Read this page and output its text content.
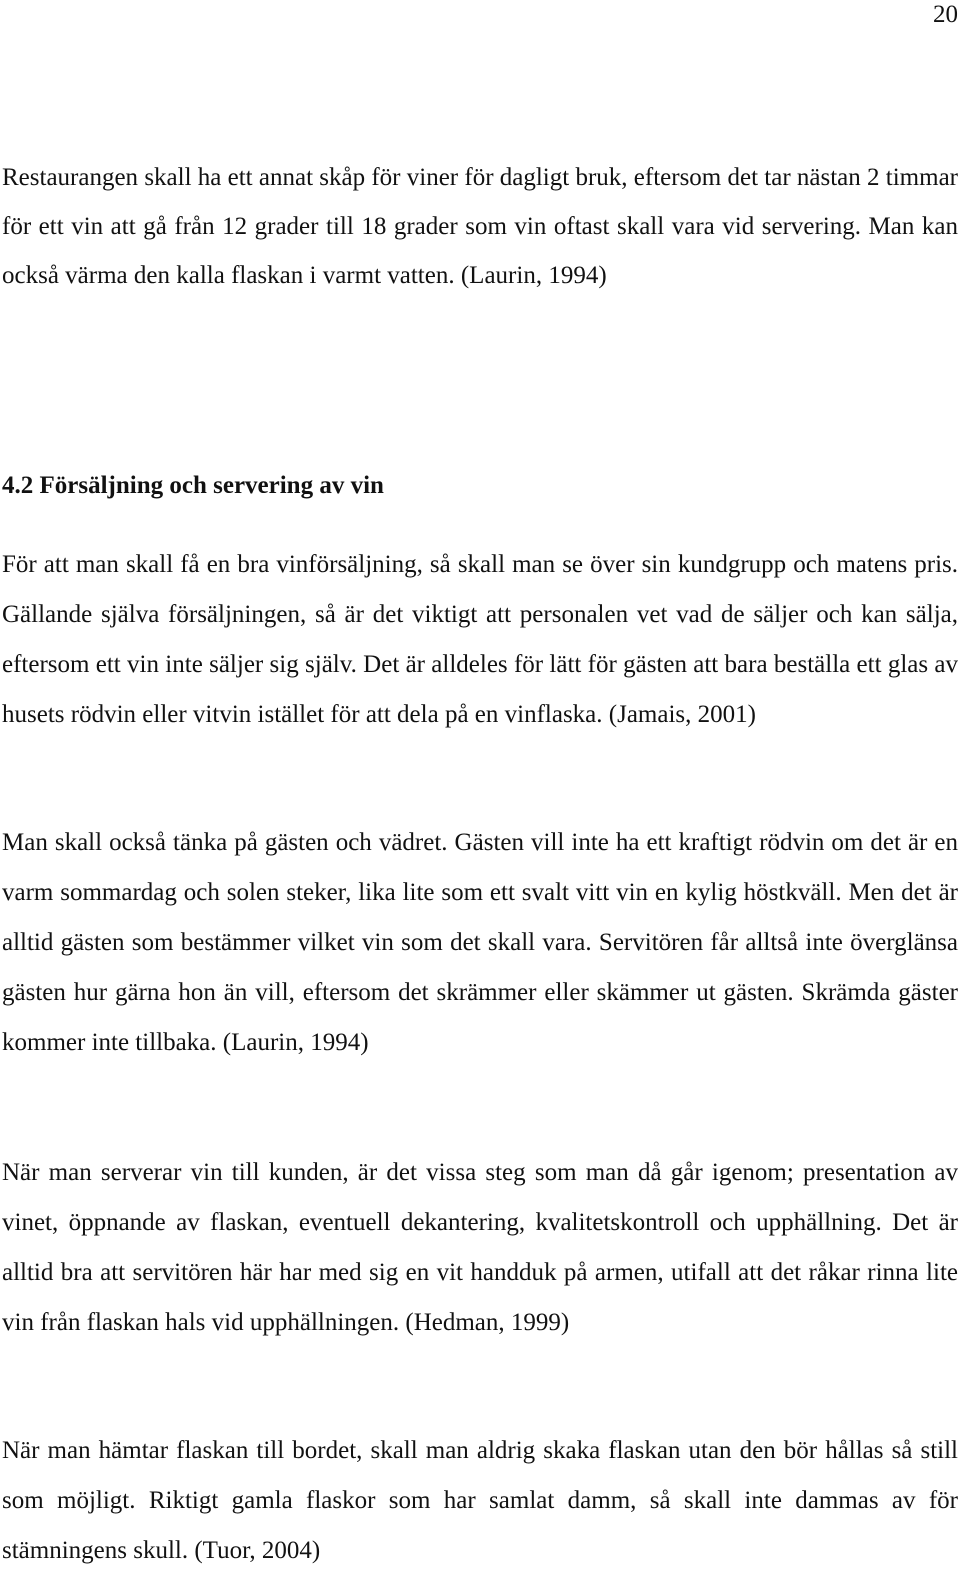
20

Restaurangen skall ha ett annat skåp för viner för dagligt bruk, eftersom det tar nästan 2 timmar för ett vin att gå från 12 grader till 18 grader som vin oftast skall vara vid servering. Man kan också värma den kalla flaskan i varmt vatten. (Laurin, 1994)

4.2 Försäljning och servering av vin

För att man skall få en bra vinförsäljning, så skall man se över sin kundgrupp och matens pris. Gällande själva försäljningen, så är det viktigt att personalen vet vad de säljer och kan sälja, eftersom ett vin inte säljer sig själv. Det är alldeles för lätt för gästen att bara beställa ett glas av husets rödvin eller vitvin istället för att dela på en vinflaska. (Jamais, 2001)

Man skall också tänka på gästen och vädret. Gästen vill inte ha ett kraftigt rödvin om det är en varm sommardag och solen steker, lika lite som ett svalt vitt vin en kylig höstkväll. Men det är alltid gästen som bestämmer vilket vin som det skall vara. Servitören får alltså inte överglänsa gästen hur gärna hon än vill, eftersom det skrämmer eller skämmer ut gästen. Skrämda gäster kommer inte tillbaka. (Laurin, 1994)

När man serverar vin till kunden, är det vissa steg som man då går igenom; presentation av vinet, öppnande av flaskan, eventuell dekantering, kvalitetskontroll och upphällning. Det är alltid bra att servitören här har med sig en vit handduk på armen, utifall att det råkar rinna lite vin från flaskan hals vid upphällningen. (Hedman, 1999)

När man hämtar flaskan till bordet, skall man aldrig skaka flaskan utan den bör hållas så still som möjligt. Riktigt gamla flaskor som har samlat damm, så skall inte dammas av för stämningens skull. (Tuor, 2004)
